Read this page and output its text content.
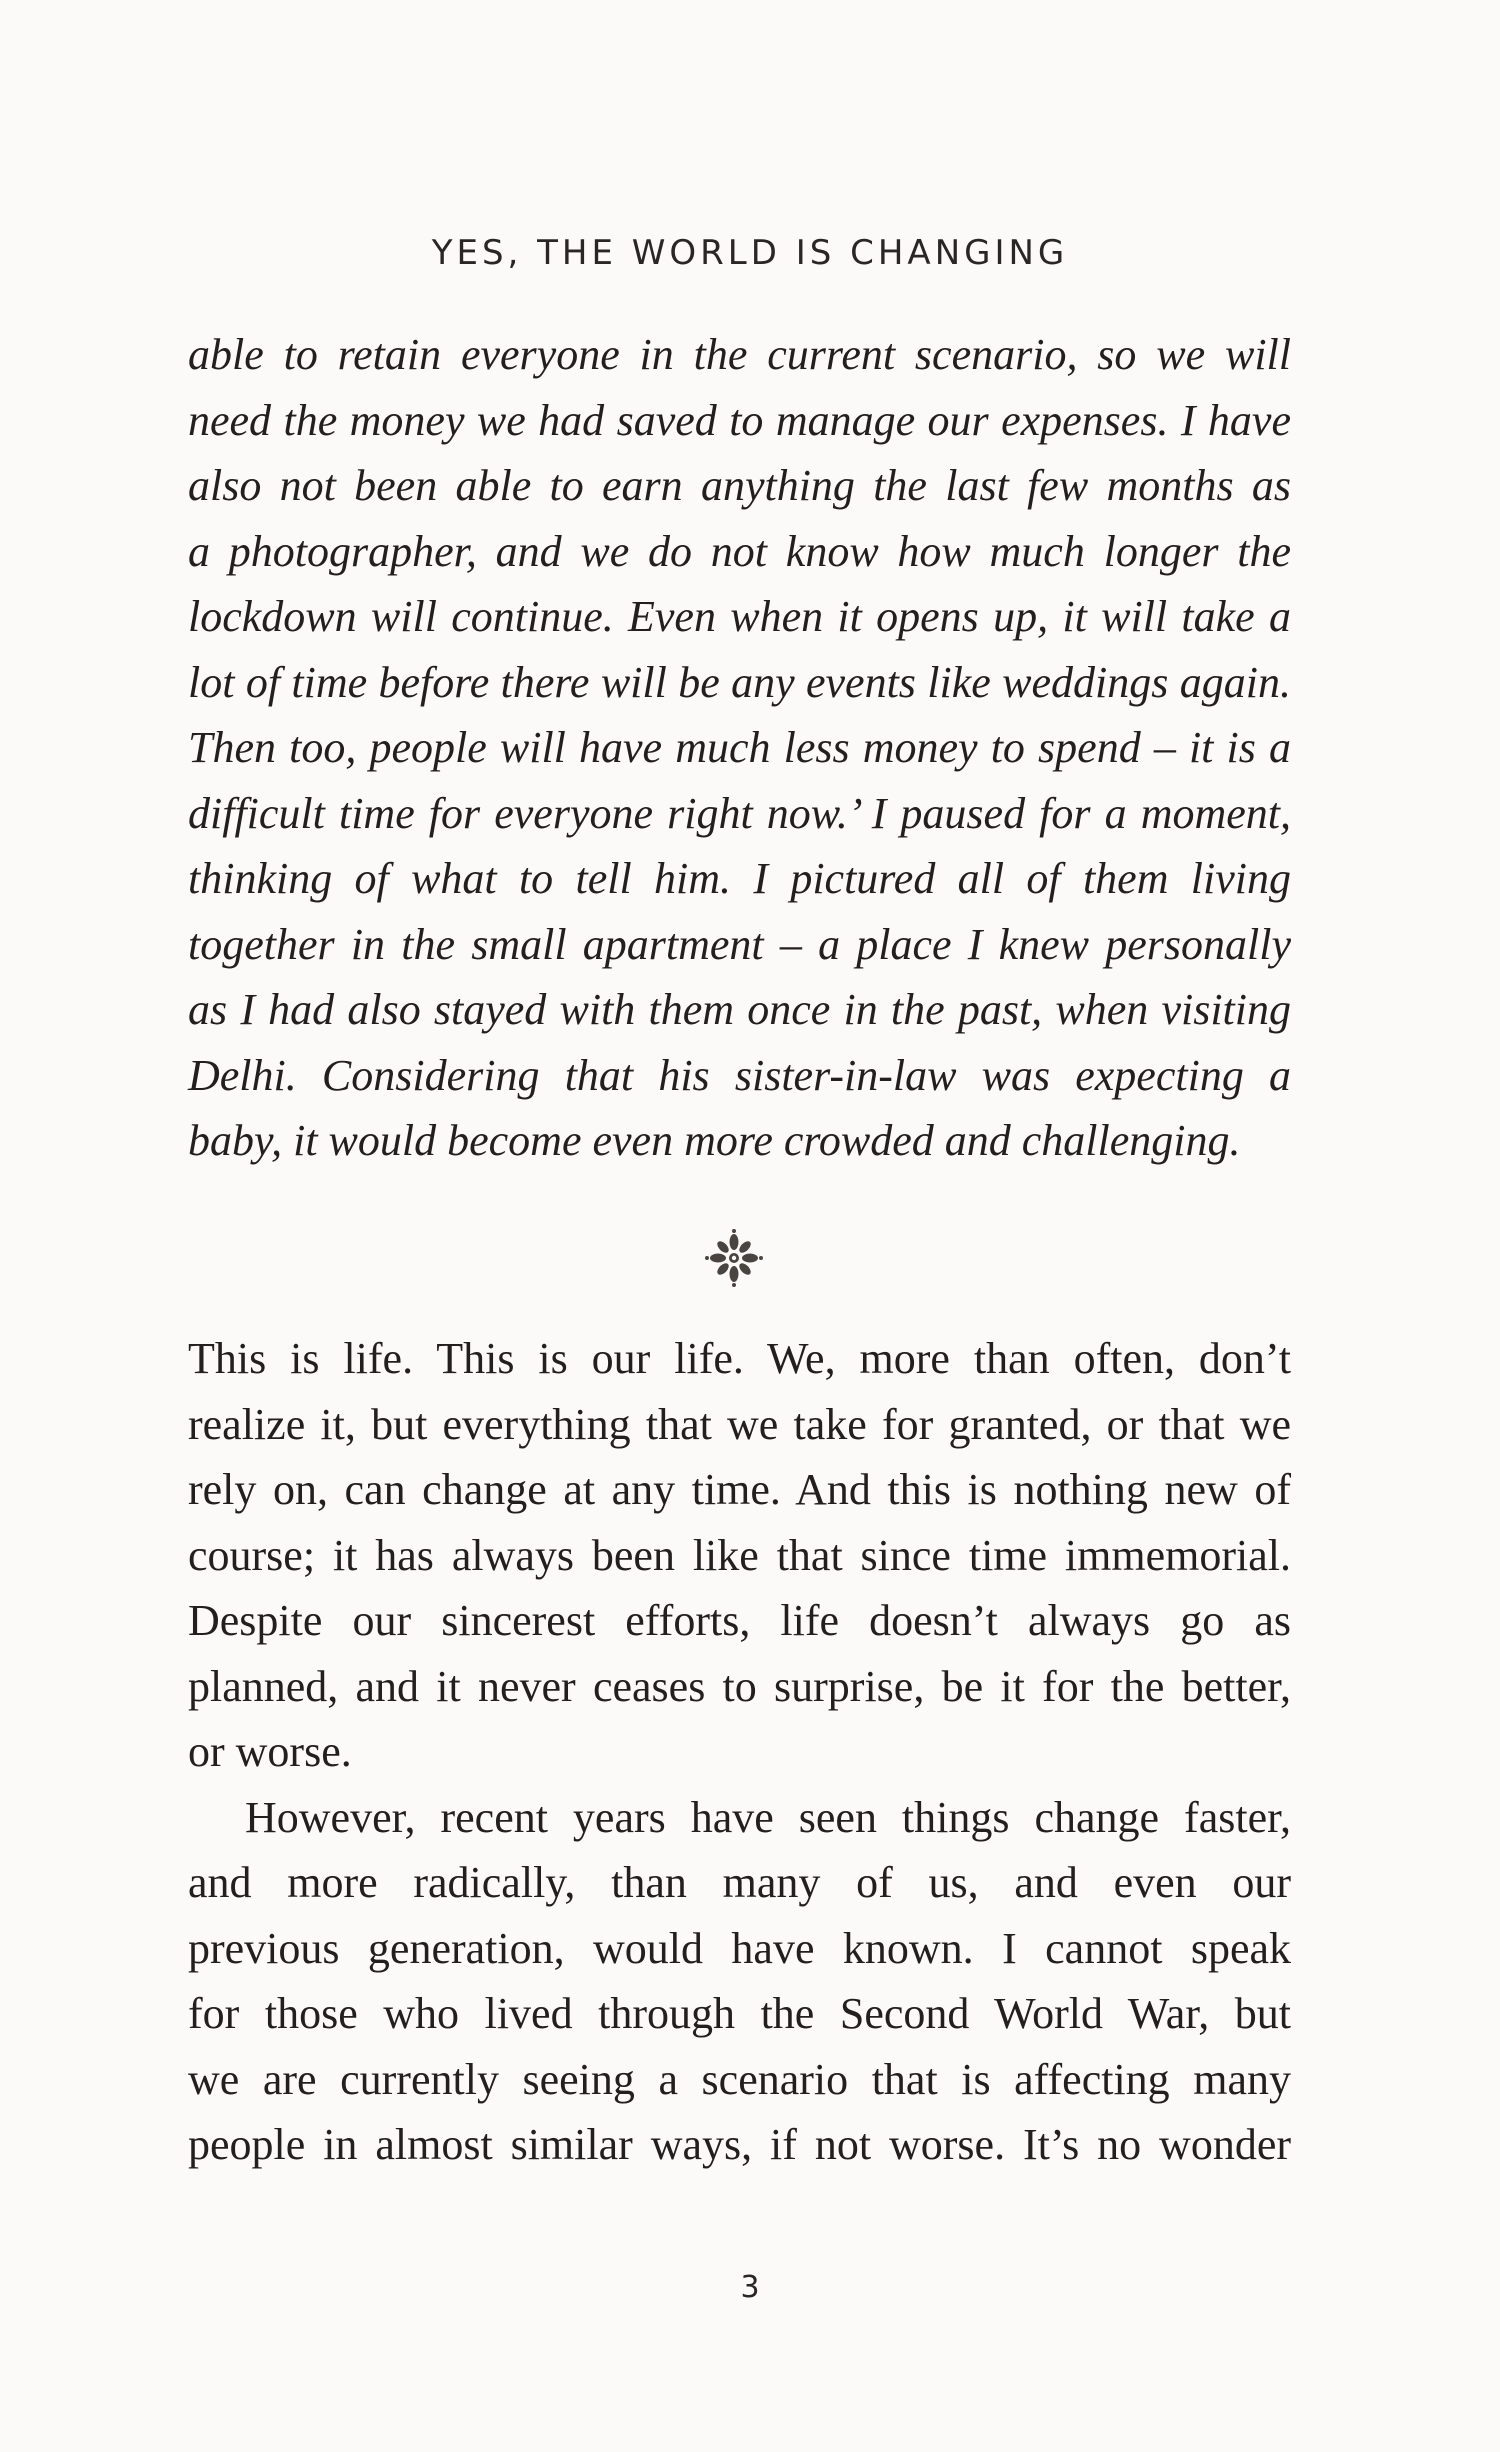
YES, THE WORLD IS CHANGING
able to retain everyone in the current scenario, so we will
need the money we had saved to manage our expenses. I have
also not been able to earn anything the last few months as
a photographer, and we do not know how much longer the
lockdown will continue. Even when it opens up, it will take a
lot of time before there will be any events like weddings again.
Then too, people will have much less money to spend – it is a
difficult time for everyone right now.’ I paused for a moment,
thinking of what to tell him. I pictured all of them living
together in the small apartment – a place I knew personally
as I had also stayed with them once in the past, when visiting
Delhi. Considering that his sister-in-law was expecting a
baby, it would become even more crowded and challenging.
This is life. This is our life. We, more than often, don’t
realize it, but everything that we take for granted, or that we
rely on, can change at any time. And this is nothing new of
course; it has always been like that since time immemorial.
Despite our sincerest efforts, life doesn’t always go as
planned, and it never ceases to surprise, be it for the better,
or worse.
However, recent years have seen things change faster,
and more radically, than many of us, and even our
previous generation, would have known. I cannot speak
for those who lived through the Second World War, but
we are currently seeing a scenario that is affecting many
people in almost similar ways, if not worse. It’s no wonder
3
